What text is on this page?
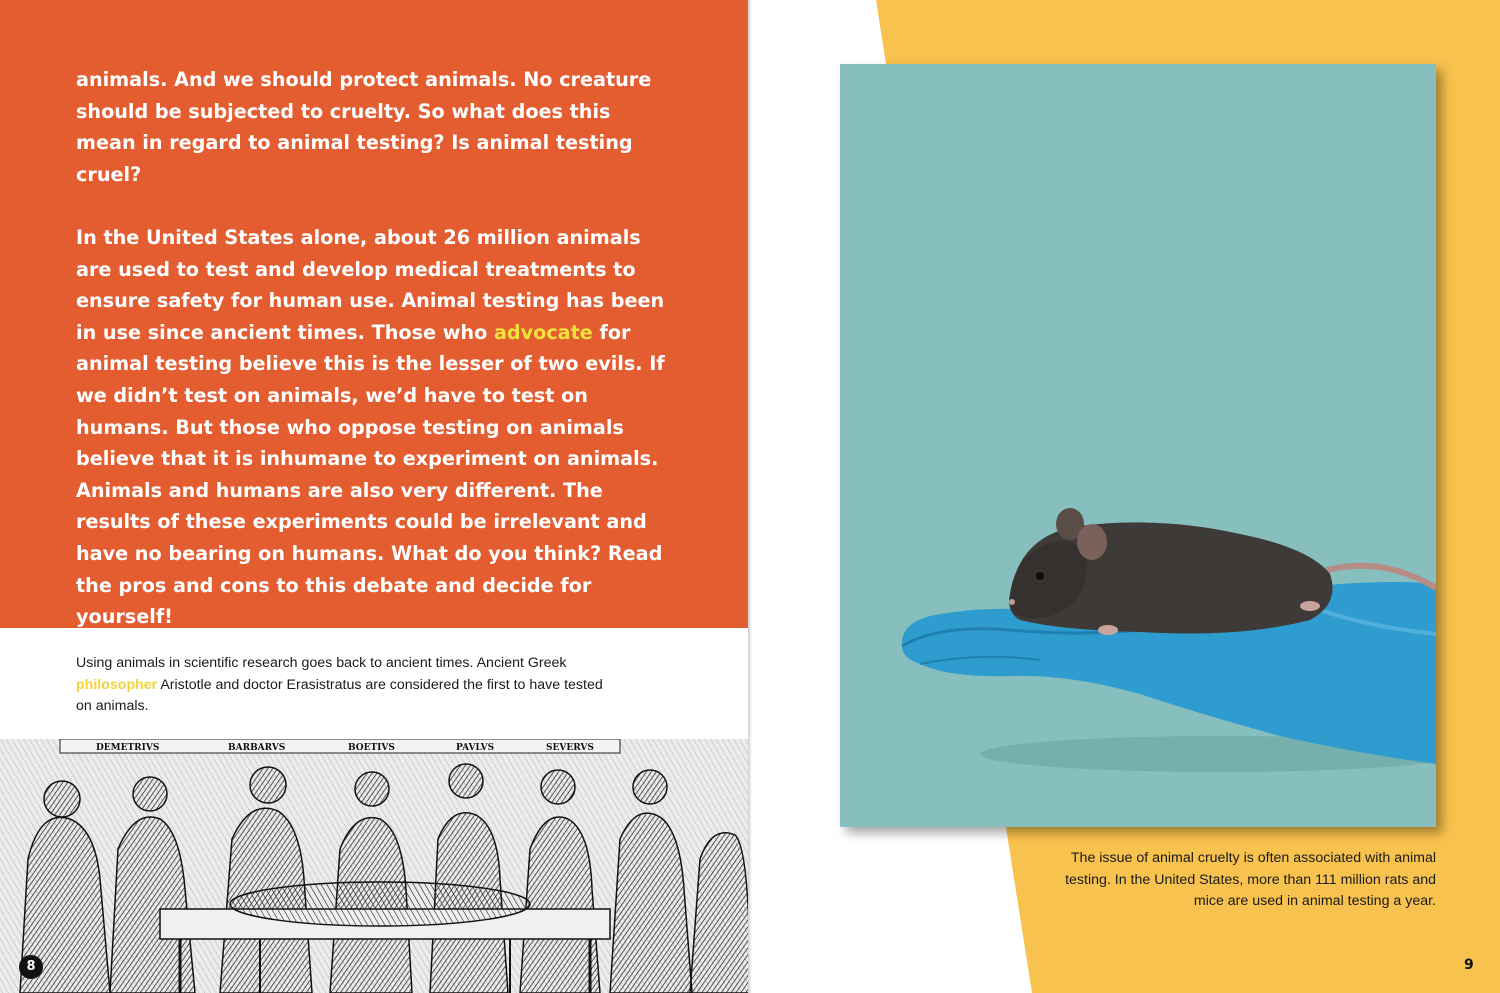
animals. And we should protect animals. No creature should be subjected to cruelty. So what does this mean in regard to animal testing? Is animal testing cruel?

In the United States alone, about 26 million animals are used to test and develop medical treatments to ensure safety for human use. Animal testing has been in use since ancient times. Those who advocate for animal testing believe this is the lesser of two evils. If we didn’t test on animals, we’d have to test on humans. But those who oppose testing on animals believe that it is inhumane to experiment on animals. Animals and humans are also very different. The results of these experiments could be irrelevant and have no bearing on humans. What do you think? Read the pros and cons to this debate and decide for yourself!

Using animals in scientific research goes back to ancient times. Ancient Greek philosopher Aristotle and doctor Erasistratus are considered the first to have tested on animals.

DEMETRIVS	BARBARVS	BOETIVS	PAVLVS	SEVERVS
8

The issue of animal cruelty is often associated with animal testing. In the United States, more than 111 million rats and mice are used in animal testing a year.

9
